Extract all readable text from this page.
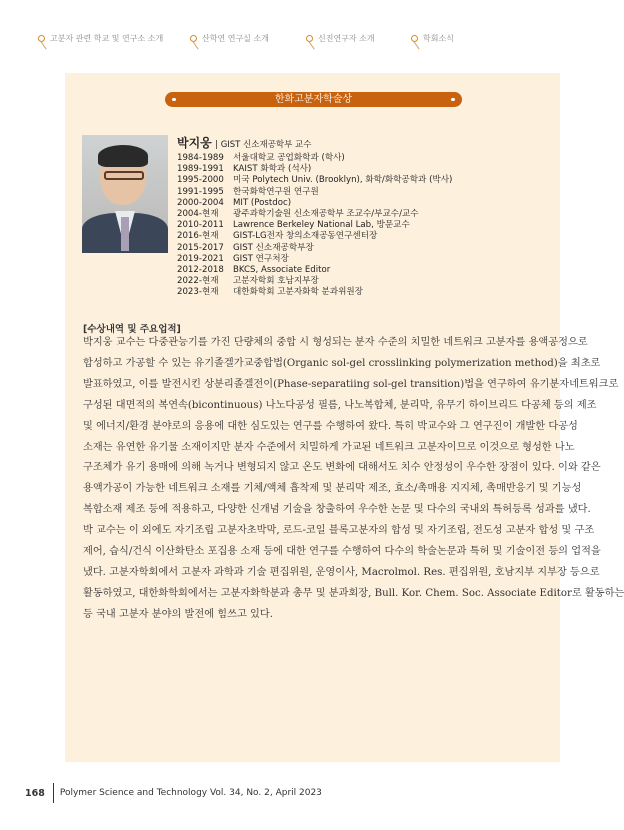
고분자 관련 학교 및 연구소 소개	산학연 연구실 소개	신진연구자 소개	학회소식
한화고분자학술상
박지웅 | GIST 신소재공학부 교수
1984-1989	서울대학교 공업화학과 (학사)
1989-1991	KAIST 화학과 (석사)
1995-2000	미국 Polytech Univ. (Brooklyn), 화학/화학공학과 (박사)
1991-1995	한국화학연구원 연구원
2000-2004	MIT (Postdoc)
2004-현재	광주과학기술원 신소재공학부 조교수/부교수/교수
2010-2011	Lawrence Berkeley National Lab, 방문교수
2016-현재	GIST-LG전자 창의소재공동연구센터장
2015-2017	GIST 신소재공학부장
2019-2021	GIST 연구처장
2012-2018	BKCS, Associate Editor
2022-현재	고분자학회 호남지부장
2023-현재	대한화학회 고분자화학 분과위원장
[수상내역 및 주요업적]
박지웅 교수는 다중관능기를 가진 단량체의 중합 시 형성되는 분자 수준의 치밀한 네트워크 고분자를 용액공정으로
합성하고 가공할 수 있는 유기졸겔가교중합법(Organic sol-gel crosslinking polymerization method)을 최초로
발표하였고, 이를 발전시킨 상분리졸겔전이(Phase-separatiing sol-gel transition)법을 연구하여 유기분자네트워크로
구성된 대면적의 복연속(bicontinuous) 나노다공성 필름, 나노복합체, 분리막, 유무기 하이브리드 다공체 등의 제조
및 에너지/환경 분야로의 응용에 대한 심도있는 연구를 수행하여 왔다. 특히 박교수와 그 연구진이 개발한 다공성
소재는 유연한 유기물 소재이지만 분자 수준에서 치밀하게 가교된 네트워크 고분자이므로 이것으로 형성한 나노
구조체가 유기 용매에 의해 녹거나 변형되지 않고 온도 변화에 대해서도 치수 안정성이 우수한 장점이 있다. 이와 같은
용액가공이 가능한 네트워크 소재를 기체/액체 흡착제 및 분리막 제조, 효소/촉매용 지지체, 촉매반응기 및 기능성
복합소재 제조 등에 적용하고, 다양한 신개념 기술을 창출하여 우수한 논문 및 다수의 국내외 특허등록 성과를 냈다.
박 교수는 이 외에도 자기조립 고분자초박막, 로드-코일 블록고분자의 합성 및 자기조립, 전도성 고분자 합성 및 구조
제어, 습식/건식 이산화탄소 포집용 소재 등에 대한 연구를 수행하여 다수의 학술논문과 특허 및 기술이전 등의 업적을
냈다. 고분자학회에서 고분자 과학과 기술 편집위원, 운영이사, Macrolmol. Res. 편집위원, 호남지부 지부장 등으로
활동하였고, 대한화학회에서는 고분자화학분과 총무 및 분과회장, Bull. Kor. Chem. Soc. Associate Editor로 활동하는
등 국내 고분자 분야의 발전에 힘쓰고 있다.
168 Polymer Science and Technology Vol. 34, No. 2, April 2023
